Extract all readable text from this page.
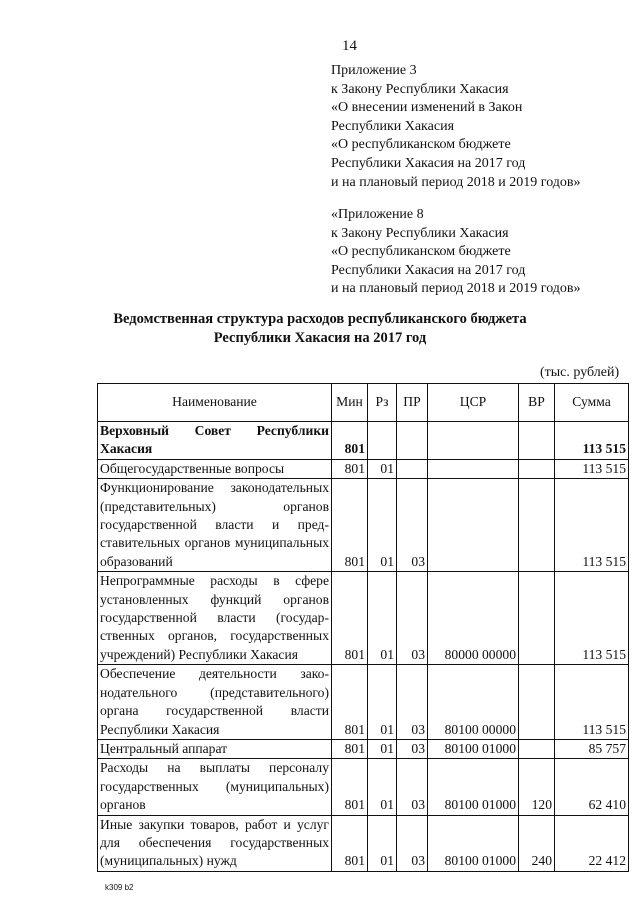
14
Приложение 3
к Закону Республики Хакасия
«О внесении изменений в Закон
Республики Хакасия
«О республиканском бюджете
Республики Хакасия на 2017 год
и на плановый период 2018 и 2019 годов»
«Приложение 8
к Закону Республики Хакасия
«О республиканском бюджете
Республики Хакасия на 2017 год
и на плановый период 2018 и 2019 годов»
Ведомственная структура расходов республиканского бюджета
Республики Хакасия на 2017 год
(тыс. рублей)
Наименование	Мин	Рз	ПР	ЦСР	ВР	Сумма
Верховный Совет Республики Хакасия	801					113 515
Общегосударственные вопросы	801	01				113 515
Функционирование законодательных (представительных) органов государственной власти и представительных органов муниципальных образований	801	01	03			113 515
Непрограммные расходы в сфере установленных функций органов государственной власти (государственных органов, государственных учреждений) Республики Хакасия	801	01	03	80000 00000		113 515
Обеспечение деятельности законодательного (представительного) органа государственной власти Республики Хакасия	801	01	03	80100 00000		113 515
Центральный аппарат	801	01	03	80100 01000		85 757
Расходы на выплаты персоналу государственных (муниципальных) органов	801	01	03	80100 01000	120	62 410
Иные закупки товаров, работ и услуг для обеспечения государственных (муниципальных) нужд	801	01	03	80100 01000	240	22 412
k309 b2
